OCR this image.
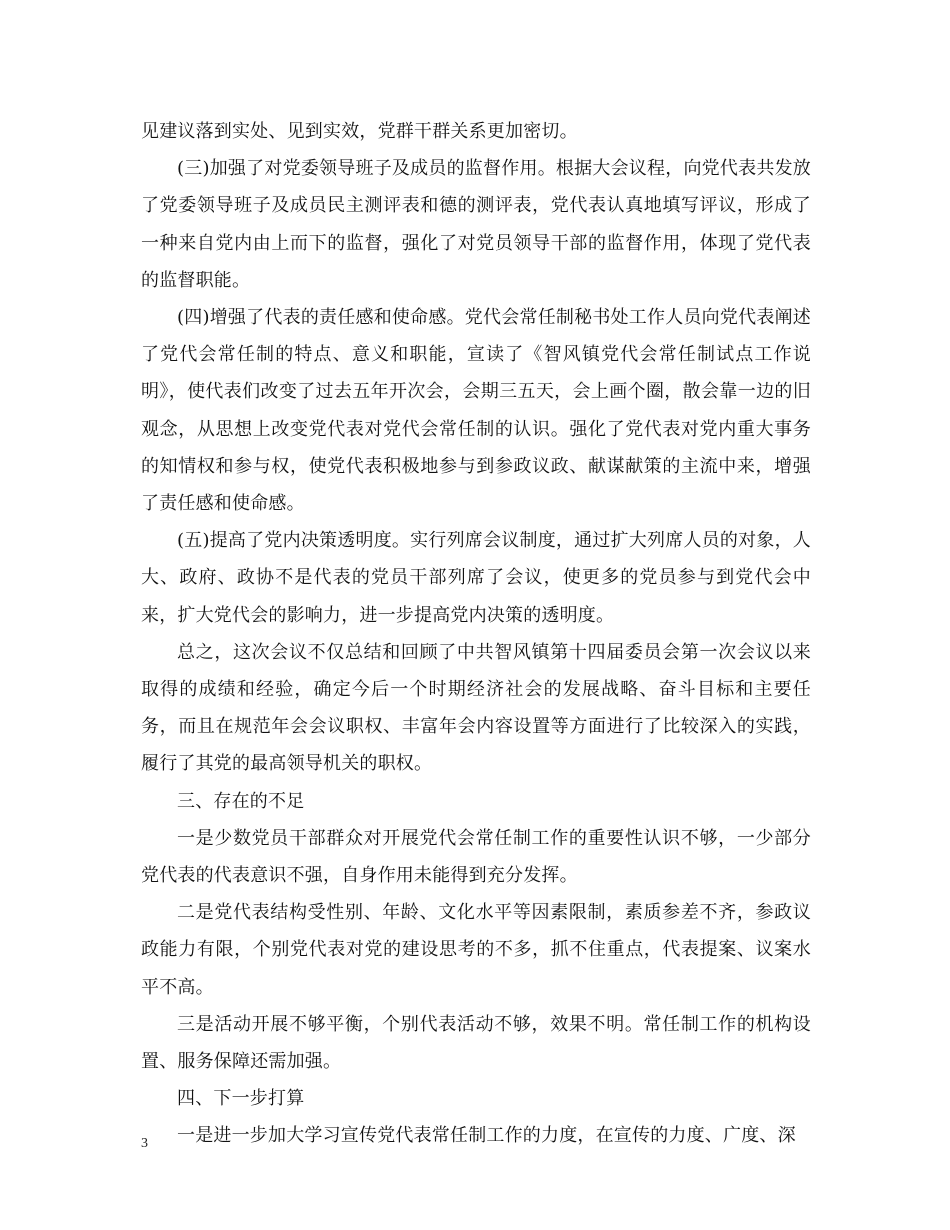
见建议落到实处、见到实效，党群干群关系更加密切。

(三)加强了对党委领导班子及成员的监督作用。根据大会议程，向党代表共发放了党委领导班子及成员民主测评表和德的测评表，党代表认真地填写评议，形成了一种来自党内由上而下的监督，强化了对党员领导干部的监督作用，体现了党代表的监督职能。

(四)增强了代表的责任感和使命感。党代会常任制秘书处工作人员向党代表阐述了党代会常任制的特点、意义和职能，宣读了《智风镇党代会常任制试点工作说明》，使代表们改变了过去五年开次会，会期三五天，会上画个圈，散会靠一边的旧观念，从思想上改变党代表对党代会常任制的认识。强化了党代表对党内重大事务的知情权和参与权，使党代表积极地参与到参政议政、献谋献策的主流中来，增强了责任感和使命感。

(五)提高了党内决策透明度。实行列席会议制度，通过扩大列席人员的对象，人大、政府、政协不是代表的党员干部列席了会议，使更多的党员参与到党代会中来，扩大党代会的影响力，进一步提高党内决策的透明度。

总之，这次会议不仅总结和回顾了中共智风镇第十四届委员会第一次会议以来取得的成绩和经验，确定今后一个时期经济社会的发展战略、奋斗目标和主要任务，而且在规范年会会议职权、丰富年会内容设置等方面进行了比较深入的实践，履行了其党的最高领导机关的职权。

三、存在的不足

一是少数党员干部群众对开展党代会常任制工作的重要性认识不够，一少部分党代表的代表意识不强，自身作用未能得到充分发挥。

二是党代表结构受性别、年龄、文化水平等因素限制，素质参差不齐，参政议政能力有限，个别党代表对党的建设思考的不多，抓不住重点，代表提案、议案水平不高。

三是活动开展不够平衡，个别代表活动不够，效果不明。常任制工作的机构设置、服务保障还需加强。

四、下一步打算

一是进一步加大学习宣传党代表常任制工作的力度，在宣传的力度、广度、深

3
